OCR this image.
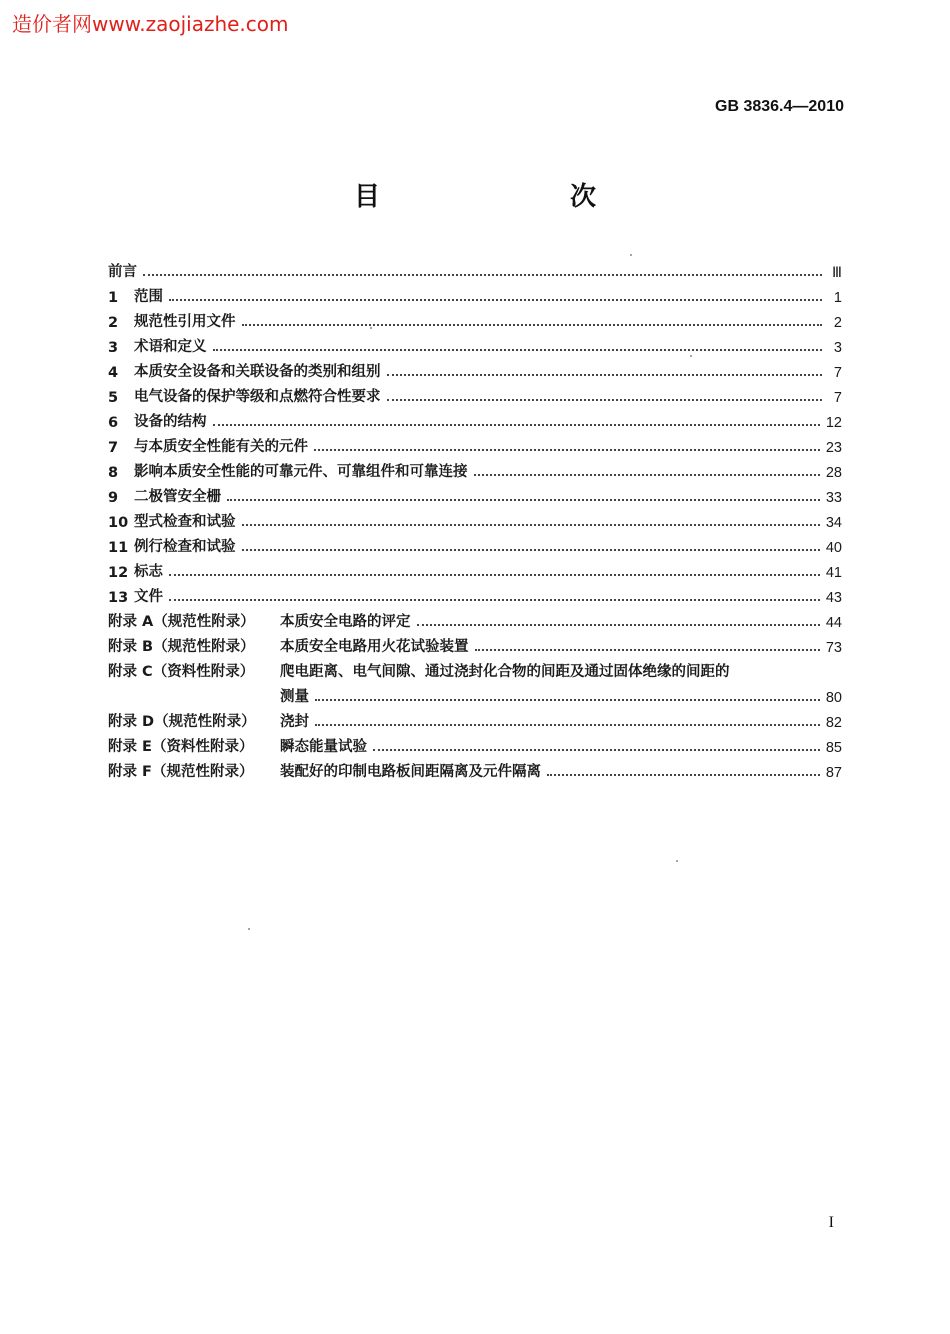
造价者网www.zaojiazhe.com
GB 3836.4—2010
目　　次
前言	Ⅲ
1	范围	1
2	规范性引用文件	2
3	术语和定义	3
4	本质安全设备和关联设备的类别和组别	7
5	电气设备的保护等级和点燃符合性要求	7
6	设备的结构	12
7	与本质安全性能有关的元件	23
8	影响本质安全性能的可靠元件、可靠组件和可靠连接	28
9	二极管安全栅	33
10 型式检查和试验	34
11 例行检查和试验	40
12 标志	41
13 文件	43
附录 A（规范性附录）	本质安全电路的评定	44
附录 B（规范性附录）	本质安全电路用火花试验装置	73
附录 C（资料性附录）	爬电距离、电气间隙、通过浇封化合物的间距及通过固体绝缘的间距的
测量	80
附录 D（规范性附录）	浇封	82
附录 E（资料性附录）	瞬态能量试验	85
附录 F（规范性附录）	装配好的印制电路板间距隔离及元件隔离	87
I
